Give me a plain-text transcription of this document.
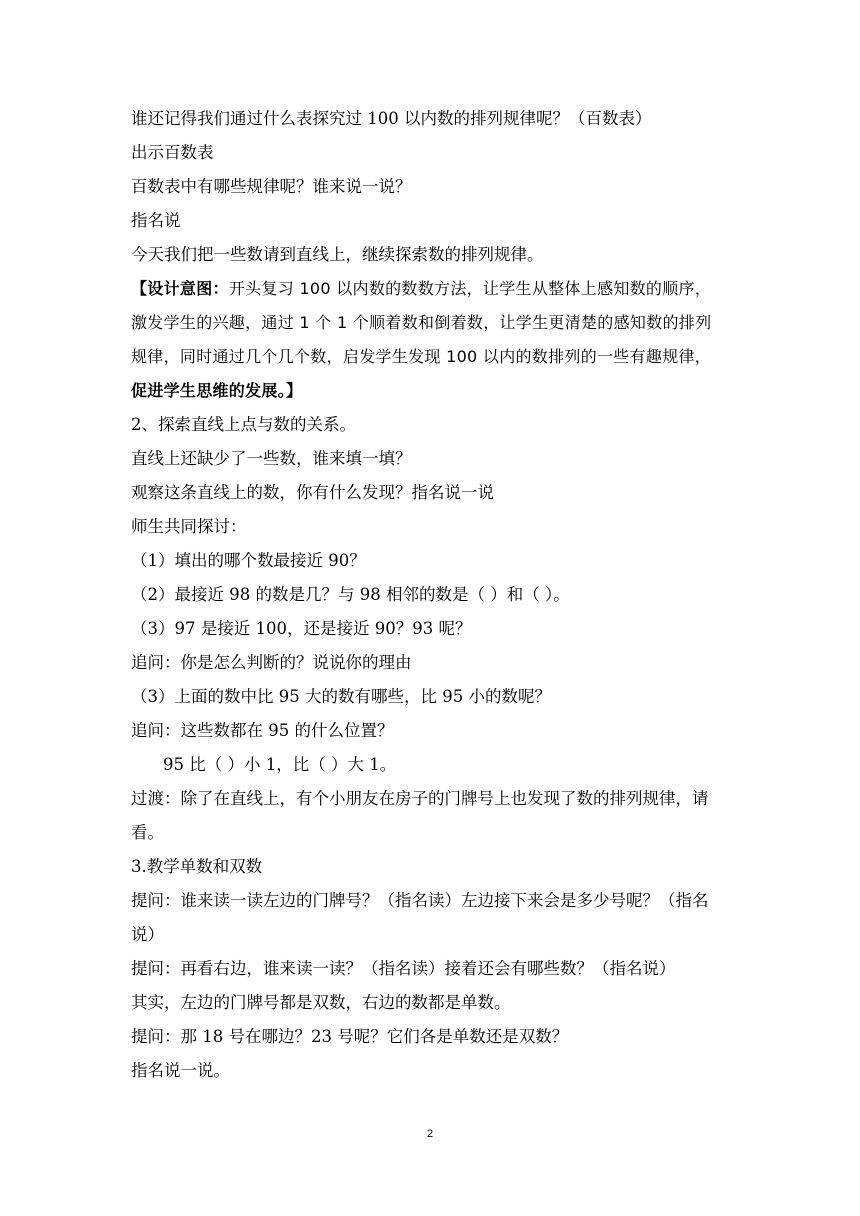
谁还记得我们通过什么表探究过 100 以内数的排列规律呢？（百数表）
出示百数表
百数表中有哪些规律呢？谁来说一说？
指名说
今天我们把一些数请到直线上，继续探索数的排列规律。
【设计意图：开头复习 100 以内数的数数方法，让学生从整体上感知数的顺序，
激发学生的兴趣，通过 1 个 1 个顺着数和倒着数，让学生更清楚的感知数的排列
规律，同时通过几个几个数，启发学生发现 100 以内的数排列的一些有趣规律，
促进学生思维的发展。】
2、探索直线上点与数的关系。
直线上还缺少了一些数，谁来填一填？
观察这条直线上的数，你有什么发现？指名说一说
师生共同探讨：
（1）填出的哪个数最接近 90？
（2）最接近 98 的数是几？与 98 相邻的数是（ ）和（ ）。
（3）97 是接近 100，还是接近 90？93 呢？
追问：你是怎么判断的？说说你的理由
（3）上面的数中比 95 大的数有哪些，比 95 小的数呢？
追问：这些数都在 95 的什么位置？
95 比（ ）小 1，比（ ）大 1。
过渡：除了在直线上，有个小朋友在房子的门牌号上也发现了数的排列规律，请
看。
3.教学单数和双数
提问：谁来读一读左边的门牌号？（指名读）左边接下来会是多少号呢？（指名
说）
提问：再看右边，谁来读一读？（指名读）接着还会有哪些数？（指名说）
其实，左边的门牌号都是双数，右边的数都是单数。
提问：那 18 号在哪边？23 号呢？它们各是单数还是双数？
指名说一说。
2
